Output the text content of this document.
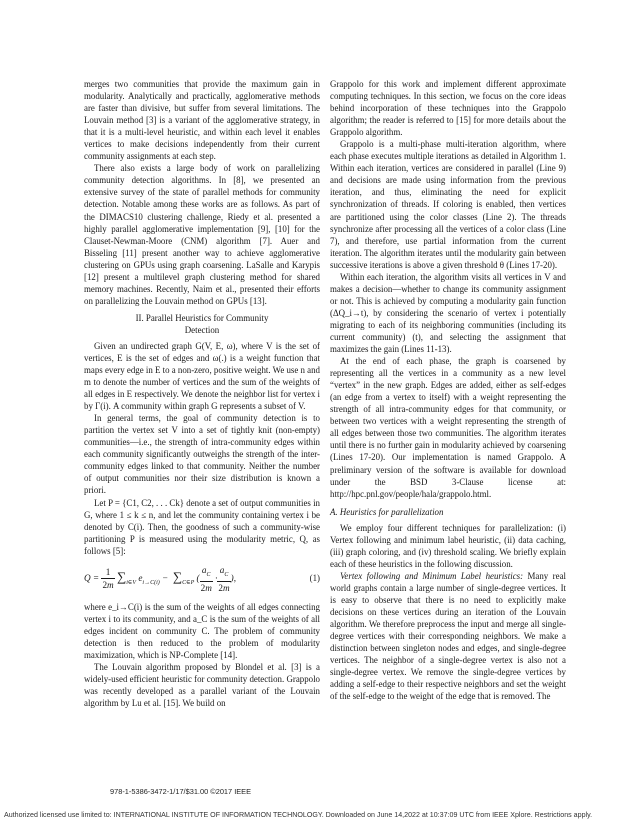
merges two communities that provide the maximum gain in modularity. Analytically and practically, agglomerative methods are faster than divisive, but suffer from several limitations. The Louvain method [3] is a variant of the agglomerative strategy, in that it is a multi-level heuristic, and within each level it enables vertices to make decisions independently from their current community assignments at each step.

There also exists a large body of work on parallelizing community detection algorithms. In [8], we presented an extensive survey of the state of parallel methods for community detection. Notable among these works are as follows. As part of the DIMACS10 clustering challenge, Riedy et al. presented a highly parallel agglomerative implementation [9], [10] for the Clauset-Newman-Moore (CNM) algorithm [7]. Auer and Bisseling [11] present another way to achieve agglomerative clustering on GPUs using graph coarsening. LaSalle and Karypis [12] present a multilevel graph clustering method for shared memory machines. Recently, Naim et al., presented their efforts on parallelizing the Louvain method on GPUs [13].

II. Parallel Heuristics for Community
Detection

Given an undirected graph G(V, E, ω), where V is the set of vertices, E is the set of edges and ω(.) is a weight function that maps every edge in E to a non-zero, positive weight. We use n and m to denote the number of vertices and the sum of the weights of all edges in E respectively. We denote the neighbor list for vertex i by Γ(i). A community within graph G represents a subset of V.

In general terms, the goal of community detection is to partition the vertex set V into a set of tightly knit (non-empty) communities—i.e., the strength of intra-community edges within each community significantly outweighs the strength of the inter-community edges linked to that community. Neither the number of output communities nor their size distribution is known a priori.

Let P = {C1, C2, . . . Ck} denote a set of output communities in G, where 1 ≤ k ≤ n, and let the community containing vertex i be denoted by C(i). Then, the goodness of such a community-wise partitioning P is measured using the modularity metric, Q, as follows [5]:

$Q = \frac{1}{2m} \sum_{i\in V}$ $e_{i\to C(i)} - \sum_{C\in P}$ ( $\frac{a_C}{2m} \cdot \frac{a_C}{2m}$ ),	(1)

where e_i→C(i) is the sum of the weights of all edges connecting vertex i to its community, and a_C is the sum of the weights of all edges incident on community C. The problem of community detection is then reduced to the problem of modularity maximization, which is NP-Complete [14].

The Louvain algorithm proposed by Blondel et al. [3] is a widely-used efficient heuristic for community detection. Grappolo was recently developed as a parallel variant of the Louvain algorithm by Lu et al. [15]. We build on

Grappolo for this work and implement different approximate computing techniques. In this section, we focus on the core ideas behind incorporation of these techniques into the Grappolo algorithm; the reader is referred to [15] for more details about the Grappolo algorithm.

Grappolo is a multi-phase multi-iteration algorithm, where each phase executes multiple iterations as detailed in Algorithm 1. Within each iteration, vertices are considered in parallel (Line 9) and decisions are made using information from the previous iteration, and thus, eliminating the need for explicit synchronization of threads. If coloring is enabled, then vertices are partitioned using the color classes (Line 2). The threads synchronize after processing all the vertices of a color class (Line 7), and therefore, use partial information from the current iteration. The algorithm iterates until the modularity gain between successive iterations is above a given threshold θ (Lines 17-20).

Within each iteration, the algorithm visits all vertices in V and makes a decision—whether to change its community assignment or not. This is achieved by computing a modularity gain function (ΔQ_i→t), by considering the scenario of vertex i potentially migrating to each of its neighboring communities (including its current community) (t), and selecting the assignment that maximizes the gain (Lines 11-13).

At the end of each phase, the graph is coarsened by representing all the vertices in a community as a new level “vertex” in the new graph. Edges are added, either as self-edges (an edge from a vertex to itself) with a weight representing the strength of all intra-community edges for that community, or between two vertices with a weight representing the strength of all edges between those two communities. The algorithm iterates until there is no further gain in modularity achieved by coarsening (Lines 17-20). Our implementation is named Grappolo. A preliminary version of the software is available for download under the BSD 3-Clause license at: http://hpc.pnl.gov/people/hala/grappolo.html.

A. Heuristics for parallelization

We employ four different techniques for parallelization: (i) Vertex following and minimum label heuristic, (ii) data caching, (iii) graph coloring, and (iv) threshold scaling. We briefly explain each of these heuristics in the following discussion.

Vertex following and Minimum Label heuristics: Many real world graphs contain a large number of single-degree vertices. It is easy to observe that there is no need to explicitly make decisions on these vertices during an iteration of the Louvain algorithm. We therefore preprocess the input and merge all single-degree vertices with their corresponding neighbors. We make a distinction between singleton nodes and edges, and single-degree vertices. The neighbor of a single-degree vertex is also not a single-degree vertex. We remove the single-degree vertices by adding a self-edge to their respective neighbors and set the weight of the self-edge to the weight of the edge that is removed. The

978-1-5386-3472-1/17/$31.00 ©2017 IEEE
Authorized licensed use limited to: INTERNATIONAL INSTITUTE OF INFORMATION TECHNOLOGY. Downloaded on June 14,2022 at 10:37:09 UTC from IEEE Xplore. Restrictions apply.
